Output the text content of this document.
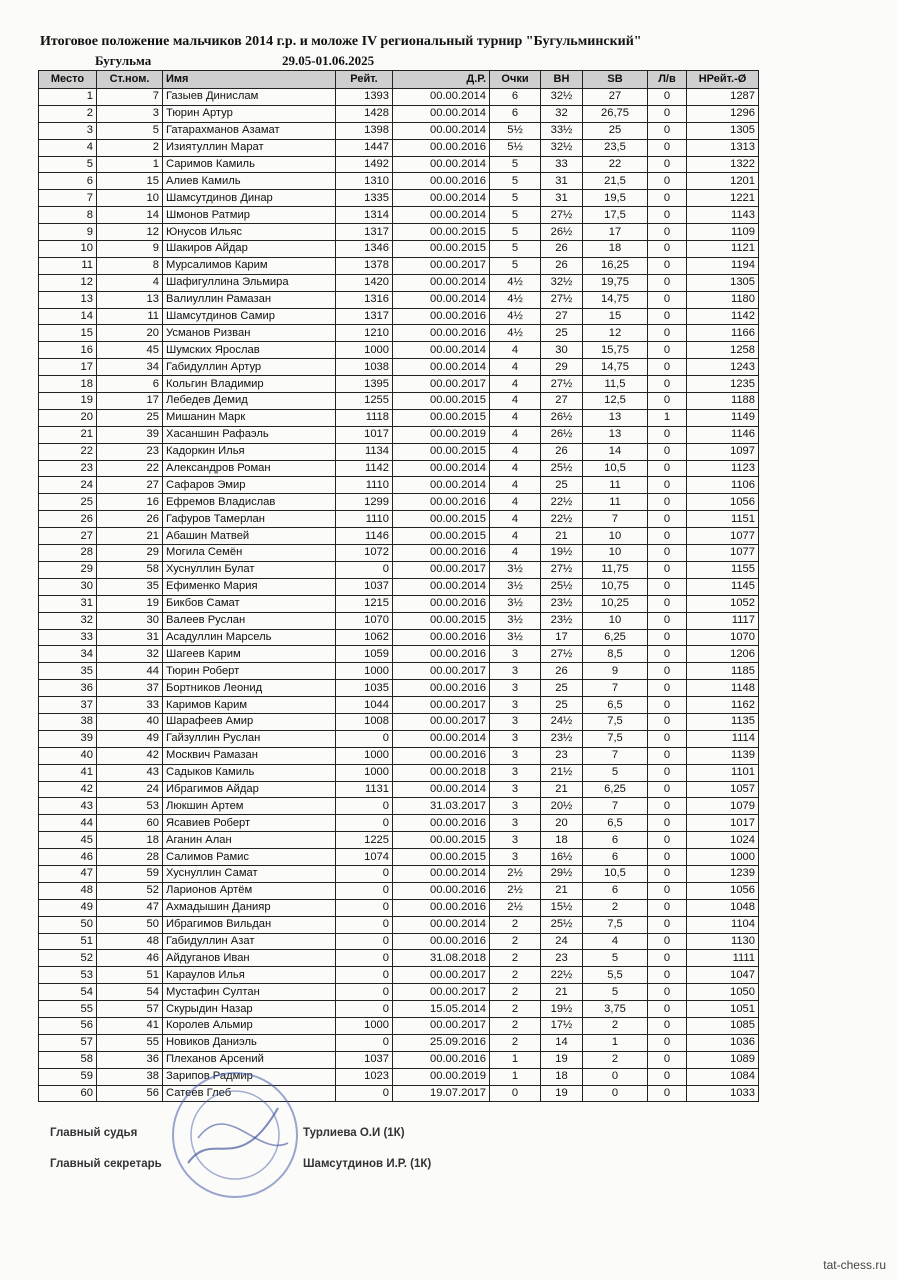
Итоговое положение мальчиков 2014 г.р. и моложе IV региональный турнир "Бугульминский"
Бугульма	29.05-01.06.2025
Место	Ст.ном.	Имя	Рейт.	Д.Р.	Очки	BH	SB	Л/в	НРейт.-Ø
1	7	Газыев Динислам	1393	00.00.2014	6	32½	27	0	1287
2	3	Тюрин Артур	1428	00.00.2014	6	32	26,75	0	1296
3	5	Гатарахманов Азамат	1398	00.00.2014	5½	33½	25	0	1305
4	2	Изиятуллин Марат	1447	00.00.2016	5½	32½	23,5	0	1313
5	1	Саримов Камиль	1492	00.00.2014	5	33	22	0	1322
6	15	Алиев Камиль	1310	00.00.2016	5	31	21,5	0	1201
7	10	Шамсутдинов Динар	1335	00.00.2014	5	31	19,5	0	1221
8	14	Шмонов Ратмир	1314	00.00.2014	5	27½	17,5	0	1143
9	12	Юнусов Ильяс	1317	00.00.2015	5	26½	17	0	1109
10	9	Шакиров Айдар	1346	00.00.2015	5	26	18	0	1121
11	8	Мурсалимов Карим	1378	00.00.2017	5	26	16,25	0	1194
12	4	Шафигуллина Эльмира	1420	00.00.2014	4½	32½	19,75	0	1305
13	13	Валиуллин Рамазан	1316	00.00.2014	4½	27½	14,75	0	1180
14	11	Шамсутдинов Самир	1317	00.00.2016	4½	27	15	0	1142
15	20	Усманов Ризван	1210	00.00.2016	4½	25	12	0	1166
16	45	Шумских Ярослав	1000	00.00.2014	4	30	15,75	0	1258
17	34	Габидуллин Артур	1038	00.00.2014	4	29	14,75	0	1243
18	6	Кольгин Владимир	1395	00.00.2017	4	27½	11,5	0	1235
19	17	Лебедев Демид	1255	00.00.2015	4	27	12,5	0	1188
20	25	Мишанин Марк	1118	00.00.2015	4	26½	13	1	1149
21	39	Хасаншин Рафаэль	1017	00.00.2019	4	26½	13	0	1146
22	23	Кадоркин Илья	1134	00.00.2015	4	26	14	0	1097
23	22	Александров Роман	1142	00.00.2014	4	25½	10,5	0	1123
24	27	Сафаров Эмир	1110	00.00.2014	4	25	11	0	1106
25	16	Ефремов Владислав	1299	00.00.2016	4	22½	11	0	1056
26	26	Гафуров Тамерлан	1110	00.00.2015	4	22½	7	0	1151
27	21	Абашин Матвей	1146	00.00.2015	4	21	10	0	1077
28	29	Могила Семён	1072	00.00.2016	4	19½	10	0	1077
29	58	Хуснуллин Булат	0	00.00.2017	3½	27½	11,75	0	1155
30	35	Ефименко Мария	1037	00.00.2014	3½	25½	10,75	0	1145
31	19	Бикбов Самат	1215	00.00.2016	3½	23½	10,25	0	1052
32	30	Валеев Руслан	1070	00.00.2015	3½	23½	10	0	1117
33	31	Асадуллин Марсель	1062	00.00.2016	3½	17	6,25	0	1070
34	32	Шагеев Карим	1059	00.00.2016	3	27½	8,5	0	1206
35	44	Тюрин Роберт	1000	00.00.2017	3	26	9	0	1185
36	37	Бортников Леонид	1035	00.00.2016	3	25	7	0	1148
37	33	Каримов Карим	1044	00.00.2017	3	25	6,5	0	1162
38	40	Шарафеев Амир	1008	00.00.2017	3	24½	7,5	0	1135
39	49	Гайзуллин Руслан	0	00.00.2014	3	23½	7,5	0	1114
40	42	Москвич Рамазан	1000	00.00.2016	3	23	7	0	1139
41	43	Садыков Камиль	1000	00.00.2018	3	21½	5	0	1101
42	24	Ибрагимов Айдар	1131	00.00.2014	3	21	6,25	0	1057
43	53	Люкшин Артем	0	31.03.2017	3	20½	7	0	1079
44	60	Ясавиев Роберт	0	00.00.2016	3	20	6,5	0	1017
45	18	Аганин Алан	1225	00.00.2015	3	18	6	0	1024
46	28	Салимов Рамис	1074	00.00.2015	3	16½	6	0	1000
47	59	Хуснуллин Самат	0	00.00.2014	2½	29½	10,5	0	1239
48	52	Ларионов Артём	0	00.00.2016	2½	21	6	0	1056
49	47	Ахмадышин Данияр	0	00.00.2016	2½	15½	2	0	1048
50	50	Ибрагимов Вильдан	0	00.00.2014	2	25½	7,5	0	1104
51	48	Габидуллин Азат	0	00.00.2016	2	24	4	0	1130
52	46	Айдуганов Иван	0	31.08.2018	2	23	5	0	1111
53	51	Караулов Илья	0	00.00.2017	2	22½	5,5	0	1047
54	54	Мустафин Султан	0	00.00.2017	2	21	5	0	1050
55	57	Скурыдин Назар	0	15.05.2014	2	19½	3,75	0	1051
56	41	Королев Альмир	1000	00.00.2017	2	17½	2	0	1085
57	55	Новиков Даниэль	0	25.09.2016	2	14	1	0	1036
58	36	Плеханов Арсений	1037	00.00.2016	1	19	2	0	1089
59	38	Зарипов Радмир	1023	00.00.2019	1	18	0	0	1084
60	56	Сатеев Глеб	0	19.07.2017	0	19	0	0	1033
Главный судья	Турлиева О.И (1К)
Главный секретарь	Шамсутдинов И.Р. (1К)
tat-chess.ru
